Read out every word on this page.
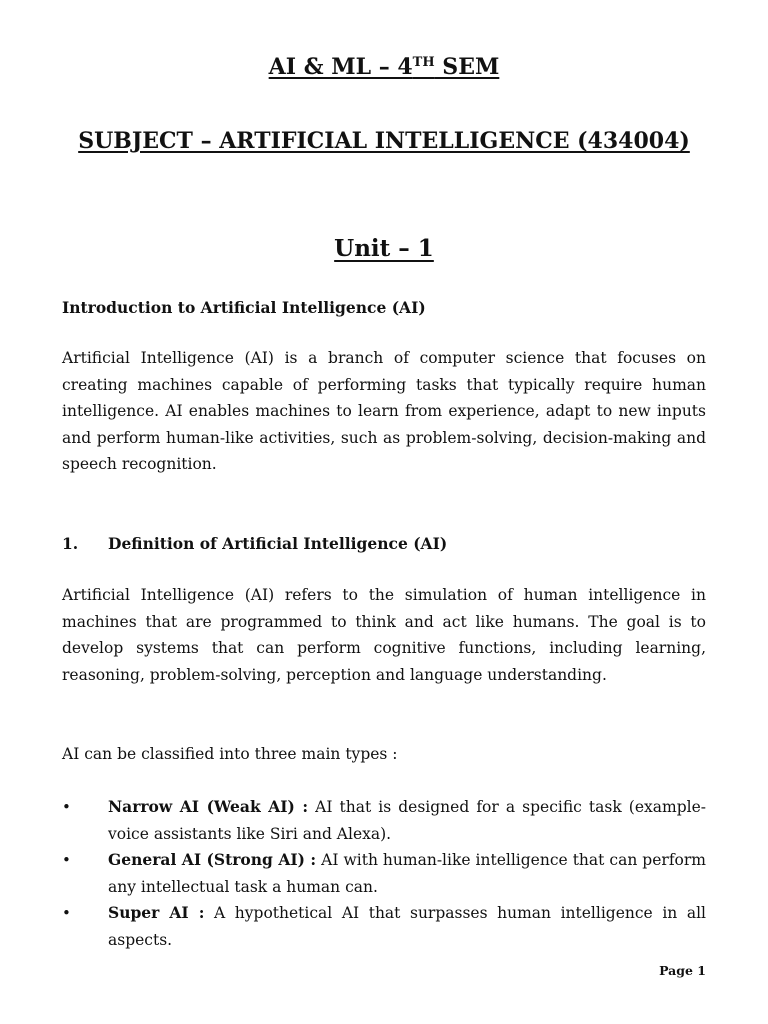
AI & ML – 4TH SEM
SUBJECT – ARTIFICIAL INTELLIGENCE (434004)
Unit – 1
Introduction to Artificial Intelligence (AI)

Artificial Intelligence (AI) is a branch of computer science that focuses on creating machines capable of performing tasks that typically require human intelligence. AI enables machines to learn from experience, adapt to new inputs and perform human-like activities, such as problem-solving, decision-making and speech recognition.

1. Definition of Artificial Intelligence (AI)

Artificial Intelligence (AI) refers to the simulation of human intelligence in machines that are programmed to think and act like humans. The goal is to develop systems that can perform cognitive functions, including learning, reasoning, problem-solving, perception and language understanding.

AI can be classified into three main types :

• Narrow AI (Weak AI) : AI that is designed for a specific task (example-voice assistants like Siri and Alexa).
• General AI (Strong AI) : AI with human-like intelligence that can perform any intellectual task a human can.
• Super AI : A hypothetical AI that surpasses human intelligence in all aspects.
Page 1
